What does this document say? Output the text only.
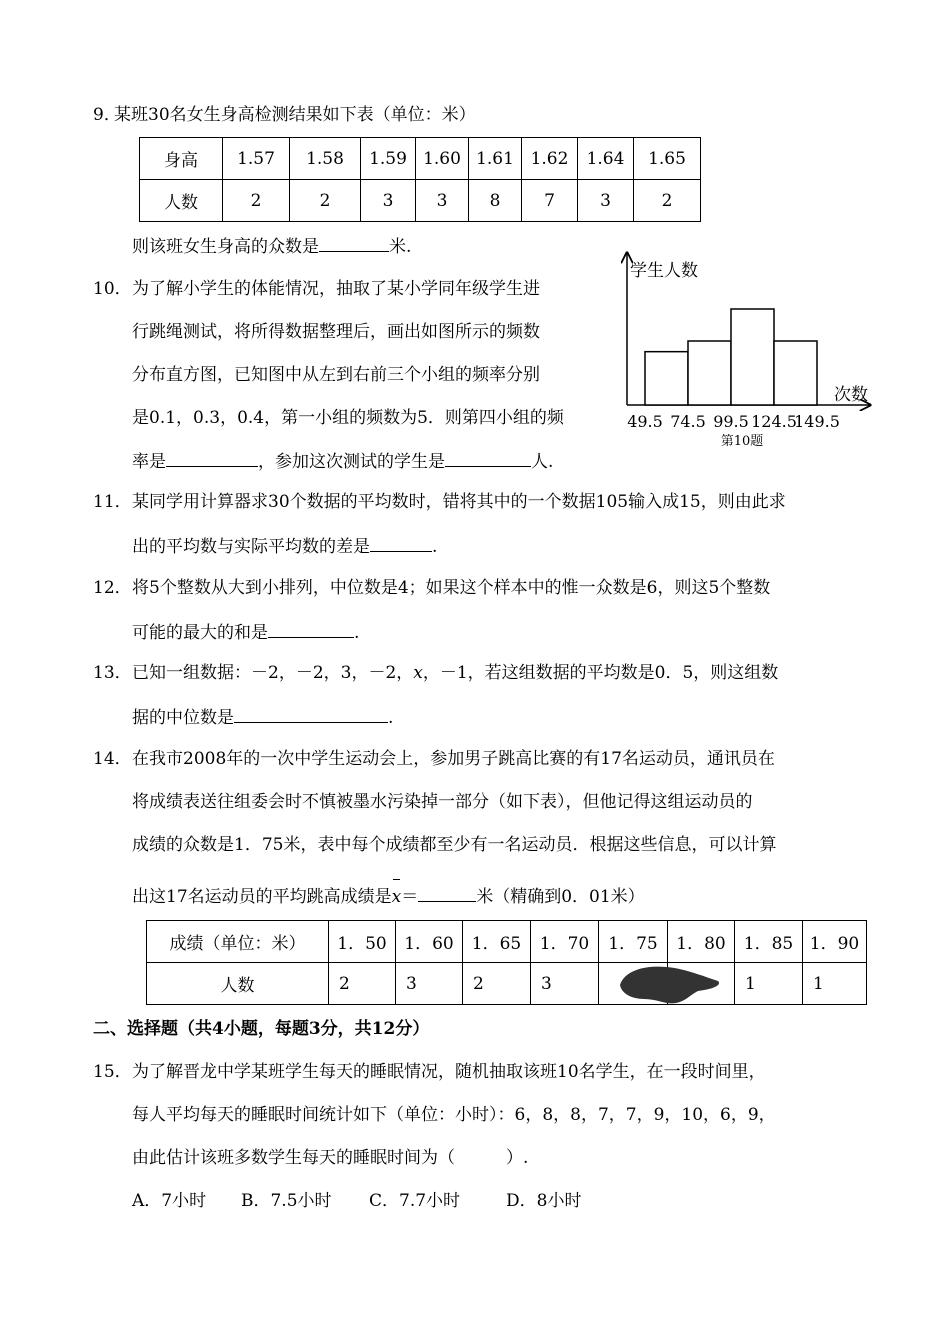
9．
某班30名女生身高检测结果如下表（单位：米）
身高	1.57	1.58	1.59	1.60	1.61	1.62	1.64	1.65
人数	2	2	3	3	8	7	3	2
则该班女生身高的众数是	米.
10． 为了解小学生的体能情况，抽取了某小学同年级学生进
行跳绳测试，将所得数据整理后，画出如图所示的频数
分布直方图，已知图中从左到右前三个小组的频率分别
是0.1，0.3，0.4，第一小组的频数为5．则第四小组的频
率是	，参加这次测试的学生是	人.
学生人数
次数
49.5 74.5 99.5 124.5
149.5
第10题
11． 某同学用计算器求30个数据的平均数时，错将其中的一个数据105输入成15，则由此求
出的平均数与实际平均数的差是	.
12． 将5个整数从大到小排列，中位数是4；如果这个样本中的惟一众数是6，则这5个整数
可能的最大的和是	.
13． 已知一组数据：－2，－2，3，－2，x，－1，若这组数据的平均数是0．5，则这组数
据的中位数是	.
14． 在我市2008年的一次中学生运动会上，参加男子跳高比赛的有17名运动员，通讯员在
将成绩表送往组委会时不慎被墨水污染掉一部分（如下表），但他记得这组运动员的
成绩的众数是1．75米，表中每个成绩都至少有一名运动员．根据这些信息，可以计算
出这17名运动员的平均跳高成绩是x＝	米（精确到0．01米）
成绩（单位：米）	1．50	1．60	1．65	1．70	1．75	1．80	1．85	1．90
人数	2	3	2	3			1	1
二、选择题（共4小题，每题3分，共12分）
15． 为了解晋龙中学某班学生每天的睡眠情况，随机抽取该班10名学生，在一段时间里，
每人平均每天的睡眠时间统计如下（单位：小时）：6，8，8，7，7，9，10，6，9，
由此估计该班多数学生每天的睡眠时间为（　　　）.
A．7小时 B．7.5小时 C．7.7小时	D．8小时
